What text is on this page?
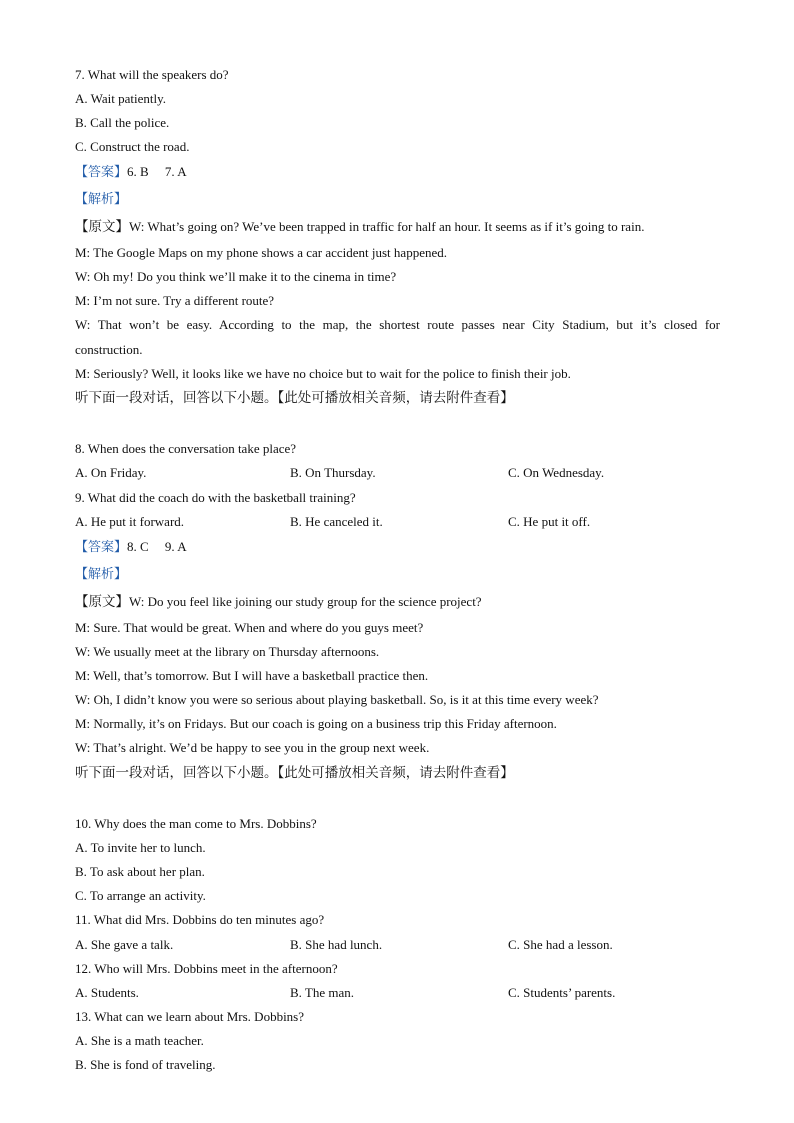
7. What will the speakers do?
A. Wait patiently.
B. Call the police.
C. Construct the road.
【答案】6. B     7. A
【解析】
【原文】W: What’s going on? We’ve been trapped in traffic for half an hour. It seems as if it’s going to rain.
M: The Google Maps on my phone shows a car accident just happened.
W: Oh my! Do you think we’ll make it to the cinema in time?
M: I’m not sure. Try a different route?
W: That won’t be easy. According to the map, the shortest route passes near City Stadium, but it’s closed for
construction.
M: Seriously? Well, it looks like we have no choice but to wait for the police to finish their job.
听下面一段对话，回答以下小题。【此处可播放相关音频，请去附件查看】
8. When does the conversation take place?
A. On Friday.	B. On Thursday.	C. On Wednesday.
9. What did the coach do with the basketball training?
A. He put it forward.	B. He canceled it.	C. He put it off.
【答案】8. C     9. A
【解析】
【原文】W: Do you feel like joining our study group for the science project?
M: Sure. That would be great. When and where do you guys meet?
W: We usually meet at the library on Thursday afternoons.
M: Well, that’s tomorrow. But I will have a basketball practice then.
W: Oh, I didn’t know you were so serious about playing basketball. So, is it at this time every week?
M: Normally, it’s on Fridays. But our coach is going on a business trip this Friday afternoon.
W: That’s alright. We’d be happy to see you in the group next week.
听下面一段对话，回答以下小题。【此处可播放相关音频，请去附件查看】
10. Why does the man come to Mrs. Dobbins?
A. To invite her to lunch.
B. To ask about her plan.
C. To arrange an activity.
11. What did Mrs. Dobbins do ten minutes ago?
A. She gave a talk.	B. She had lunch.	C. She had a lesson.
12. Who will Mrs. Dobbins meet in the afternoon?
A. Students.	B. The man.	C. Students’ parents.
13. What can we learn about Mrs. Dobbins?
A. She is a math teacher.
B. She is fond of traveling.
